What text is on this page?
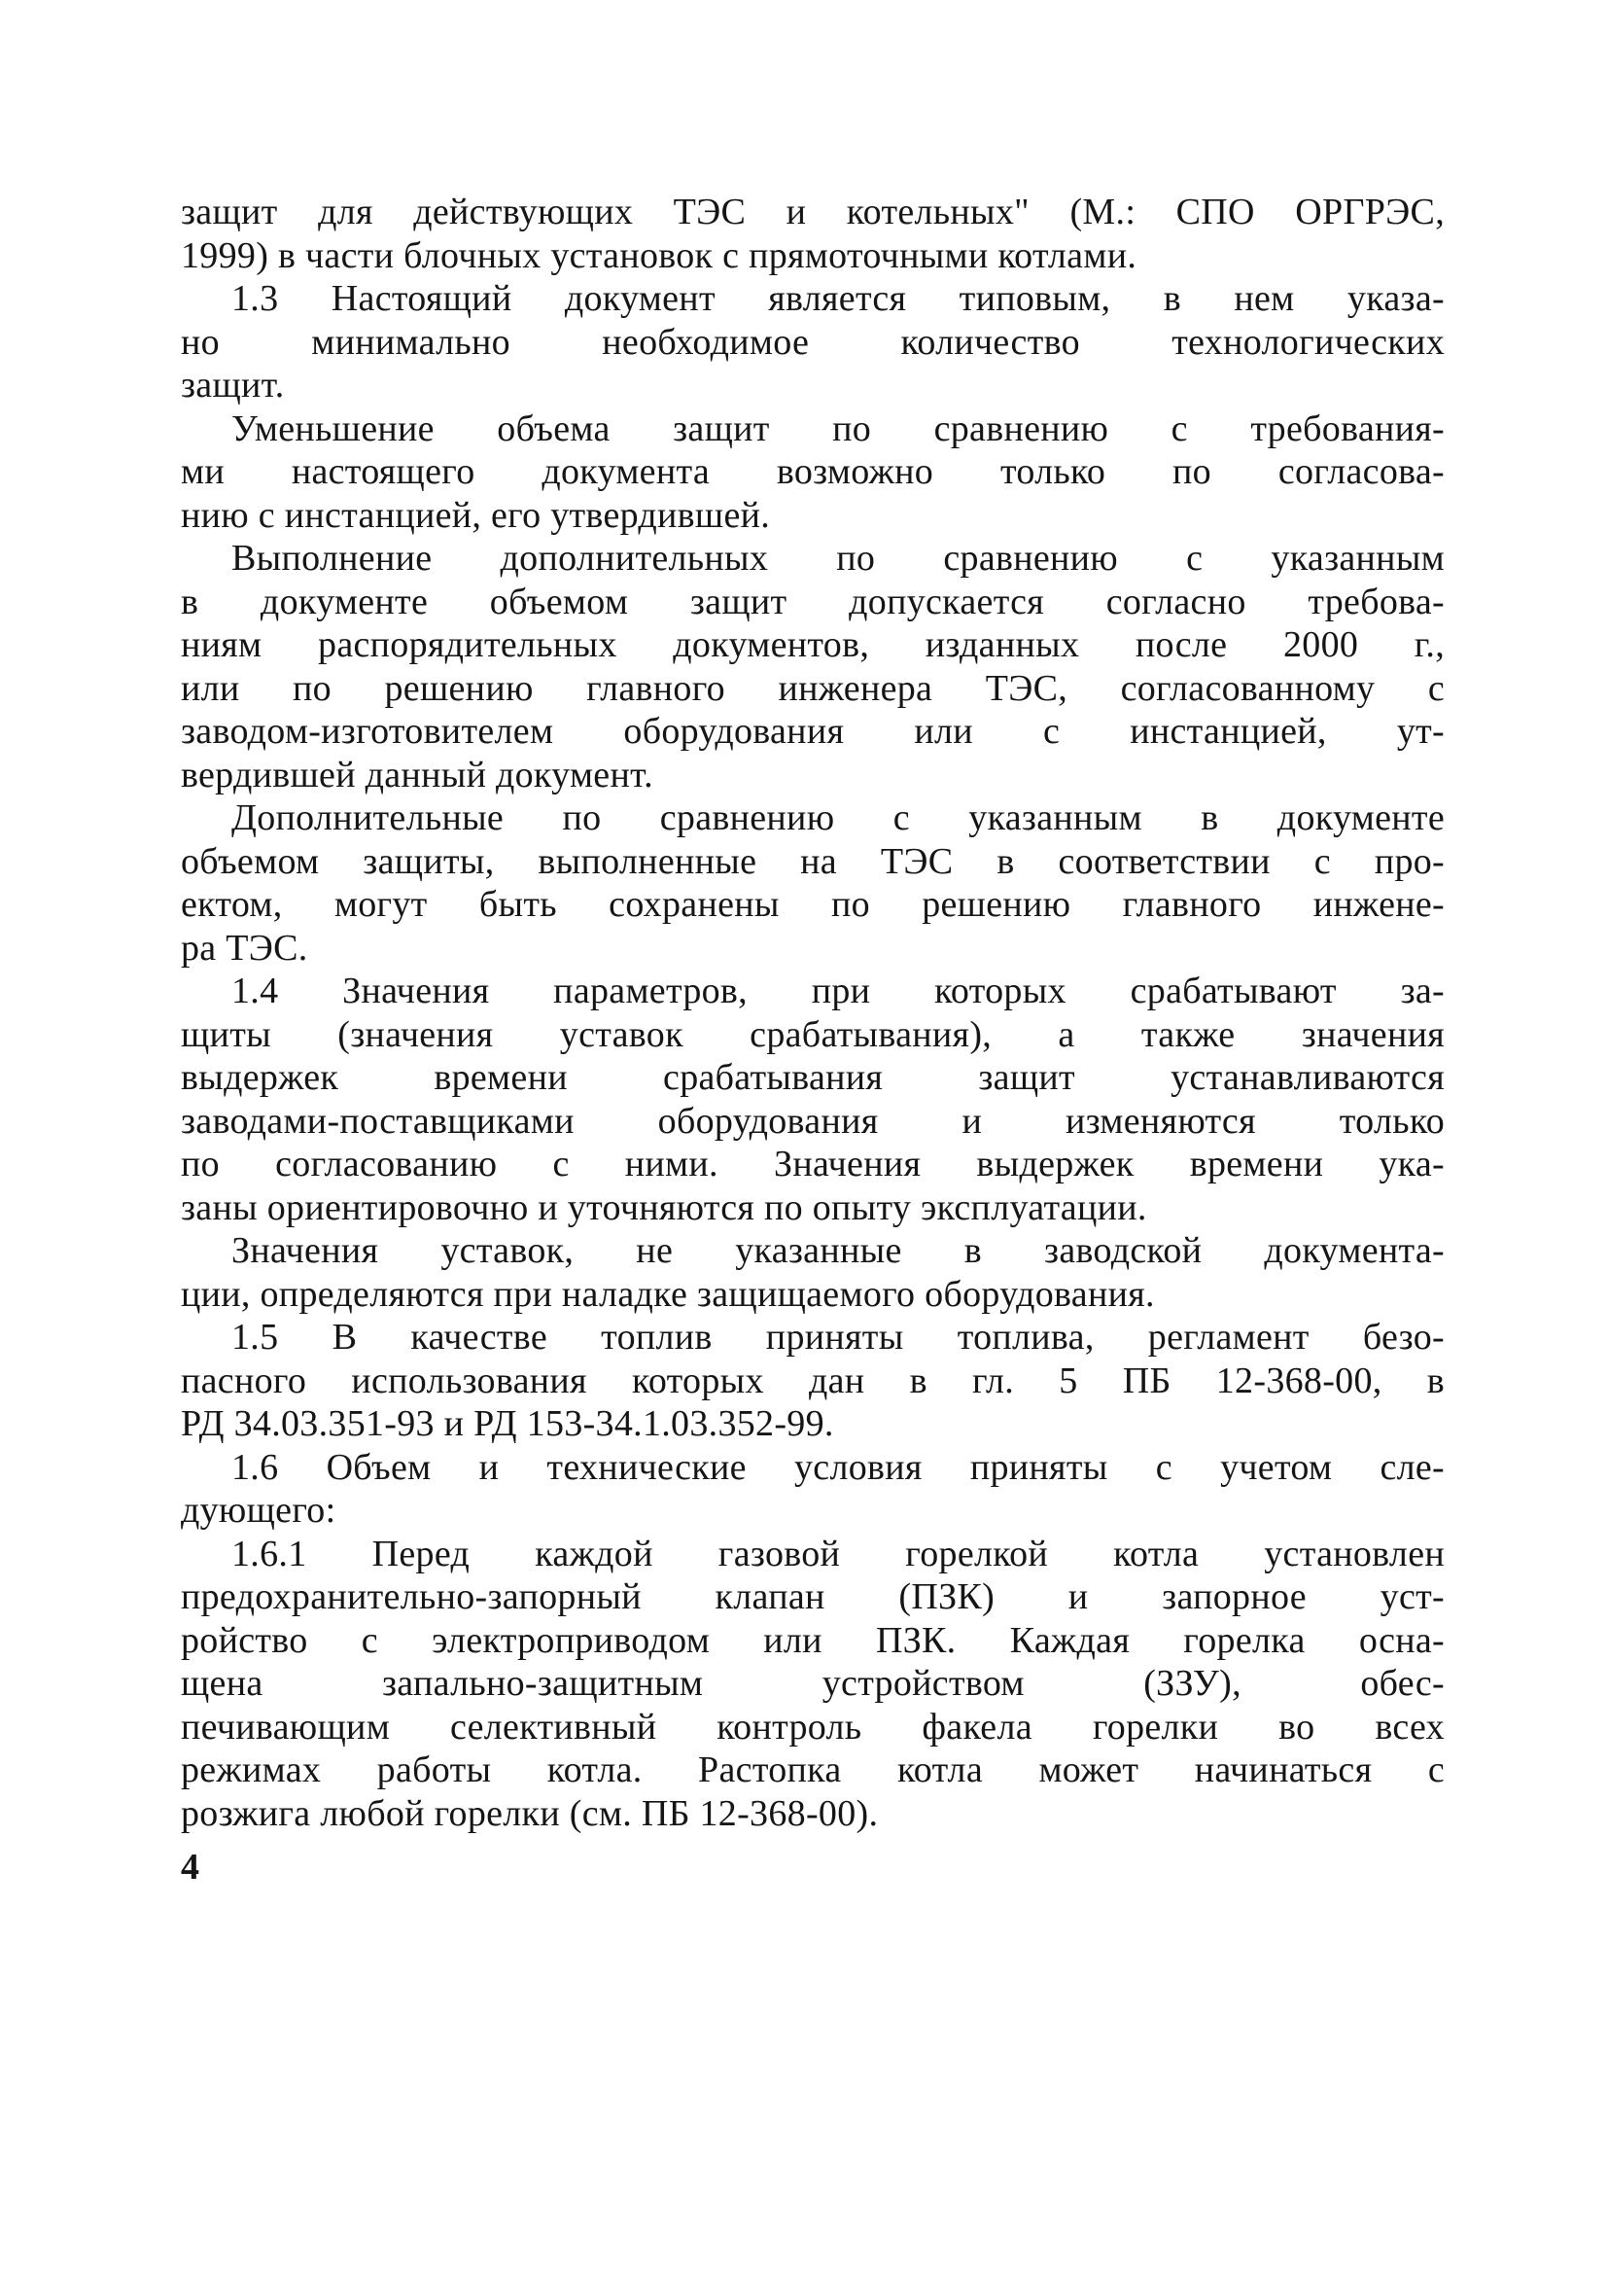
защит для действующих ТЭС и котельных" (М.: СПО ОРГРЭС,
1999) в части блочных установок с прямоточными котлами.
1.3 Настоящий документ является типовым, в нем указа-
но минимально необходимое количество технологических
защит.
Уменьшение объема защит по сравнению с требования-
ми настоящего документа возможно только по согласова-
нию с инстанцией, его утвердившей.
Выполнение дополнительных по сравнению с указанным
в документе объемом защит допускается согласно требова-
ниям распорядительных документов, изданных после 2000 г.,
или по решению главного инженера ТЭС, согласованному с
заводом-изготовителем оборудования или с инстанцией, ут-
вердившей данный документ.
Дополнительные по сравнению с указанным в документе
объемом защиты, выполненные на ТЭС в соответствии с про-
ектом, могут быть сохранены по решению главного инжене-
ра ТЭС.
1.4 Значения параметров, при которых срабатывают за-
щиты (значения уставок срабатывания), а также значения
выдержек времени срабатывания защит устанавливаются
заводами-поставщиками оборудования и изменяются только
по согласованию с ними. Значения выдержек времени ука-
заны ориентировочно и уточняются по опыту эксплуатации.
Значения уставок, не указанные в заводской документа-
ции, определяются при наладке защищаемого оборудования.
1.5 В качестве топлив приняты топлива, регламент безо-
пасного использования которых дан в гл. 5 ПБ 12-368-00, в
РД 34.03.351-93 и РД 153-34.1.03.352-99.
1.6 Объем и технические условия приняты с учетом сле-
дующего:
1.6.1 Перед каждой газовой горелкой котла установлен
предохранительно-запорный клапан (ПЗК) и запорное уст-
ройство с электроприводом или ПЗК. Каждая горелка осна-
щена запально-защитным устройством (ЗЗУ), обес-
печивающим селективный контроль факела горелки во всех
режимах работы котла. Растопка котла может начинаться с
розжига любой горелки (см. ПБ 12-368-00).
4
